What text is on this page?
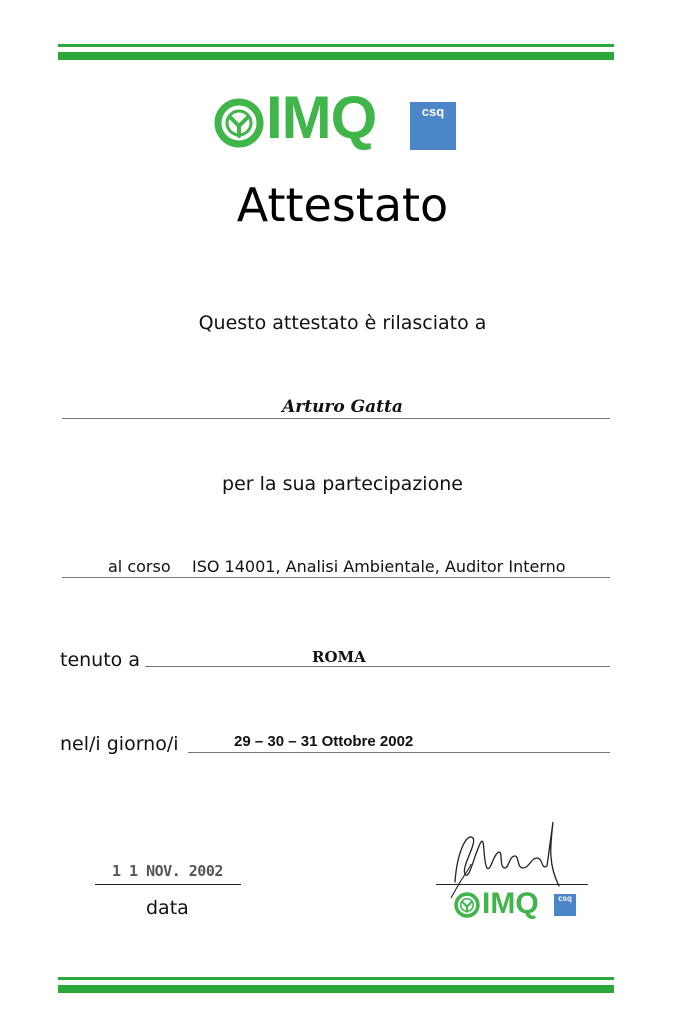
IMQ	csq
Attestato
Questo attestato è rilasciato a
Arturo Gatta
per la sua partecipazione
al corso ISO 14001, Analisi Ambientale, Auditor Interno
tenuto a	ROMA
nel/i giorno/i	29 – 30 – 31 Ottobre 2002
1 1 NOV. 2002
data	IMQ	csq
